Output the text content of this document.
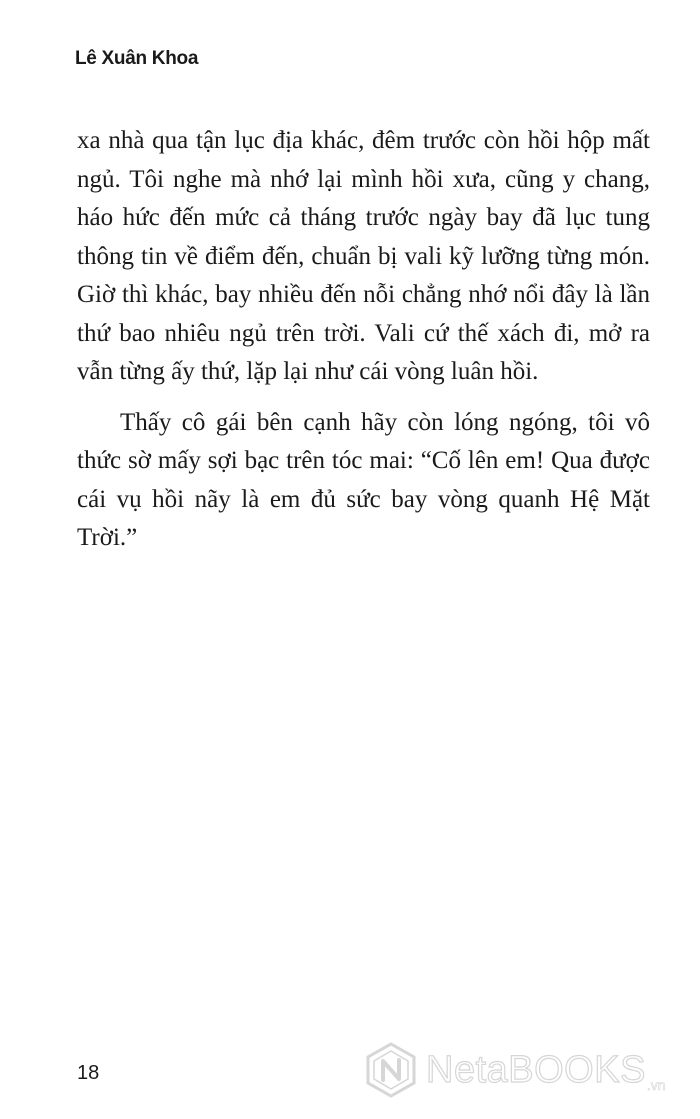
Lê Xuân Khoa

xa nhà qua tận lục địa khác, đêm trước còn hồi hộp mất ngủ. Tôi nghe mà nhớ lại mình hồi xưa, cũng y chang, háo hức đến mức cả tháng trước ngày bay đã lục tung thông tin về điểm đến, chuẩn bị vali kỹ lưỡng từng món. Giờ thì khác, bay nhiều đến nỗi chẳng nhớ nổi đây là lần thứ bao nhiêu ngủ trên trời. Vali cứ thế xách đi, mở ra vẫn từng ấy thứ, lặp lại như cái vòng luân hồi.

Thấy cô gái bên cạnh hãy còn lóng ngóng, tôi vô thức sờ mấy sợi bạc trên tóc mai: “Cố lên em! Qua được cái vụ hồi nãy là em đủ sức bay vòng quanh Hệ Mặt Trời.”

18	NetaBOOKS .vn
